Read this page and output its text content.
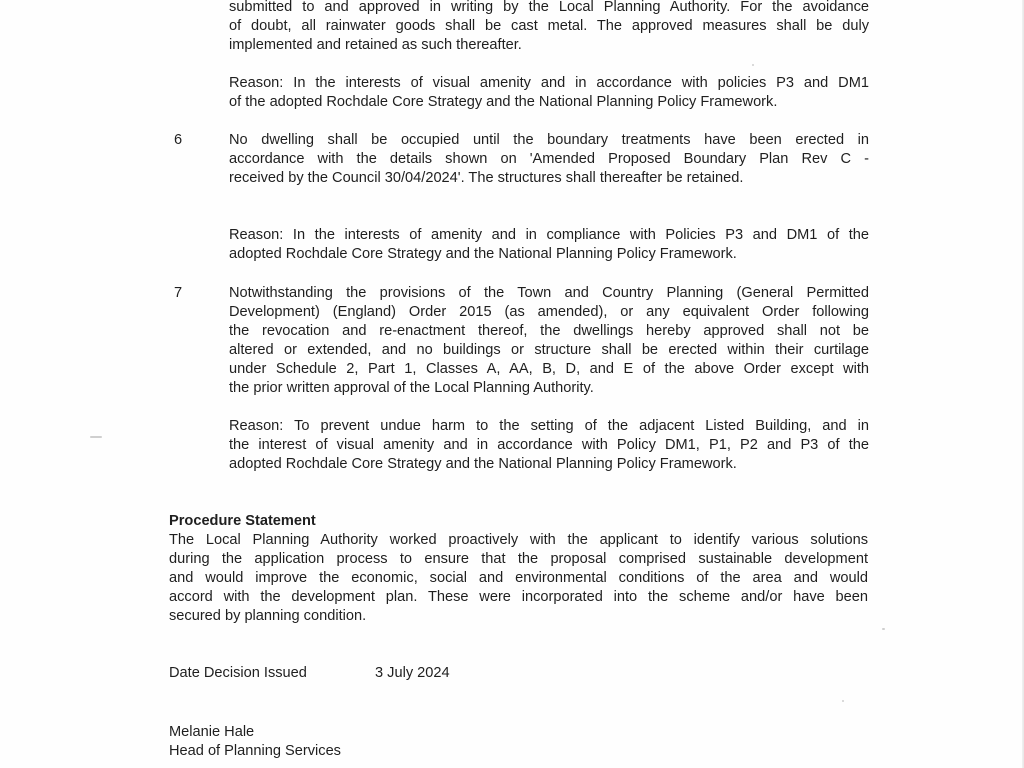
submitted to and approved in writing by the Local Planning Authority. For the avoidance

of doubt, all rainwater goods shall be cast metal. The approved measures shall be duly

implemented and retained as such thereafter.

Reason: In the interests of visual amenity and in accordance with policies P3 and DM1

of the adopted Rochdale Core Strategy and the National Planning Policy Framework.

6	No dwelling shall be occupied until the boundary treatments have been erected in

accordance with the details shown on 'Amended Proposed Boundary Plan Rev C -

received by the Council 30/04/2024'. The structures shall thereafter be retained.

Reason: In the interests of amenity and in compliance with Policies P3 and DM1 of the

adopted Rochdale Core Strategy and the National Planning Policy Framework.

7	Notwithstanding the provisions of the Town and Country Planning (General Permitted

Development) (England) Order 2015 (as amended), or any equivalent Order following

the revocation and re-enactment thereof, the dwellings hereby approved shall not be

altered or extended, and no buildings or structure shall be erected within their curtilage

under Schedule 2, Part 1, Classes A, AA, B, D, and E of the above Order except with

the prior written approval of the Local Planning Authority.

Reason: To prevent undue harm to the setting of the adjacent Listed Building, and in

the interest of visual amenity and in accordance with Policy DM1, P1, P2 and P3 of the

adopted Rochdale Core Strategy and the National Planning Policy Framework.

Procedure Statement

The Local Planning Authority worked proactively with the applicant to identify various solutions

during the application process to ensure that the proposal comprised sustainable development

and would improve the economic, social and environmental conditions of the area and would

accord with the development plan. These were incorporated into the scheme and/or have been

secured by planning condition.

Date Decision Issued	3 July 2024

Melanie Hale

Head of Planning Services
